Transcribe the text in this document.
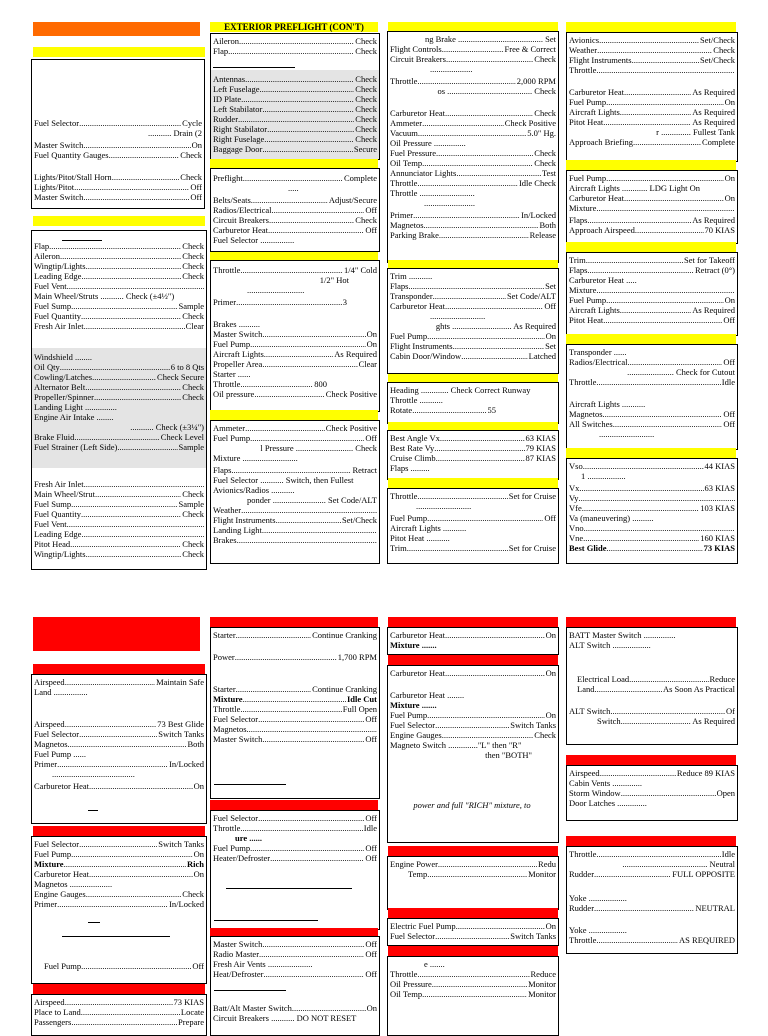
Fuel Selector	Cycle
.....
........... Drain (2
Master Switch	On
.....
Fuel Quantity Gauges	Check
.....
Lights/Pitot/Stall Horn	Check
.....
Lights/Pitot	Off
.....
Master Switch	Off
.....
Flap	Check
.....
Aileron	Check
.....
Wingtip/Lights	Check
.....
Leading Edge	Check
.....
Fuel Vent
.....
Main Wheel/Struts ........... Check (±4½")
Fuel Sump	Sample
.....
Fuel Quantity	Check
.....
Fresh Air Inlet	Clear
.....
Windshield ........
Oil Qty	6 to 8 Qts
.....
Cowling/Latches	Check Secure
.....
Alternator Belt	Check
.....
Propeller/Spinner	Check
.....
Landing Light ...............
Engine Air Intake ........
........... Check (±3¼")
Brake Fluid	Check Level
.....
Fuel Strainer (Left Side)	Sample
.....
Fresh Air Inlet
.....
Main Wheel/Strut	Check
.....
Fuel Sump	Sample
.....
Fuel Quantity	Check
.....
Fuel Vent
.....
Leading Edge
.....
Pitot Head	Check
.....
Wingtip/Lights	Check
.....
EXTERIOR PREFLIGHT (CON'T)
Aileron	Check
.....
Flap	Check
.....
Antennas	Check
.....
Left Fuselage	Check
.....
ID Plate	Check
.....
Left Stabilator	Check
.....
Rudder	Check
.....
Right Stabilator	Check
.....
Right Fuselage	Check
.....
Baggage Door	Secure
.....
Preflight	Complete
.....
.....
Belts/Seats	Adjust/Secure
.....
Radios/Electrical	Off
.....
Circuit Breakers	Check
.....
Carburetor Heat	Off
.....
Fuel Selector ................
Throttle	1/4" Cold
.....
1/2" Hot
...........................
Primer	3
.....
Brakes ..........
Master Switch	On
.....
Fuel Pump	On
.....
Aircraft Lights	As Required
.....
Propeller Area	Clear
.....
Starter ......
Throttle	800
.....
Oil pressure	Check Positive
.....
Ammeter	Check Positive
.....
Fuel Pump	Off
.....
l Pressure ........................... Check
Mixture ..........................
Flaps	Retract
.....
Fuel Selector ........... Switch, then Fullest
Avionics/Radios ...........
ponder ......................... Set Code/ALT
Weather
.....
Flight Instruments	Set/Check
.....
Landing Light
.....
Brakes
.....
ng Brake ........................................ Set
Flight Controls	Free & Correct
.....
Circuit Breakers	Check
.....
....................
Throttle	2,000 RPM
.....
os ........................................ Check
Carburetor Heat	Check
.....
Ammeter	Check Positive
.....
Vacuum	5.0" Hg.
.....
Oil Pressure ...............
Fuel Pressure	Check
.....
Oil Temp	Check
.....
Annunciator Lights	Test
.....
Throttle	Idle Check
.....
Throttle ..........................
........................
Primer	In/Locked
.....
Magnetos	Both
.....
Parking Brake	Release
.....
Trim ...........
Flaps	Set
.....
Transponder	Set Code/ALT
.....
Carburetor Heat	Off
.....
..........................
ghts ............................ As Required
Fuel Pump	On
.....
Flight Instruments	Set
.....
Cabin Door/Window	Latched
.....
Heading ............. Check Correct Runway
Throttle ...........
Rotate	55
.....
Best Angle Vx	63 KIAS
.....
Best Rate Vy	79 KIAS
.....
Cruise Climb	87 KIAS
.....
Flaps .........
Throttle	Set for Cruise
.....
..........................
Fuel Pump	Off
.....
Aircraft Lights ...........
Pitot Heat ...........
Trim	Set for Cruise
.....
Avionics	Set/Check
.....
Weather	Check
.....
Flight Instruments	Set/Check
.....
Throttle
.....
Carburetor Heat	As Required
.....
Fuel Pump	On
.....
Aircraft Lights	As Required
.....
Pitot Heat	As Required
.....
r .............. Fullest Tank
Approach Briefing	Complete
.....
Fuel Pump	On
.....
Aircraft Lights ............ LDG Light On
Carburetor Heat	On
.....
Mixture
.....
Flaps	As Required
.....
Approach Airspeed	70 KIAS
.....
Trim	Set for Takeoff
.....
Flaps	Retract (0°)
.....
Carburetor Heat .....
Mixture
.....
Fuel Pump	On
.....
Aircraft Lights	As Required
.....
Pitot Heat	Off
.....
Transponder ......
Radios/Electrical	Off
.....
...................... Check for Cutout
Throttle	Idle
.....
Aircraft Lights ...........
Magnetos	Off
.....
All Switches	Off
.....
..........................
Vso	44 KIAS
.....
1 ..................
Vx	63 KIAS
.....
Vy
.....
Vfe	103 KIAS
.....
Va (maneuvering) ..........
Vno
.....
Vne	160 KIAS
.....
Best Glide	73 KIAS
.....
Airspeed	Maintain Safe
.....
Land ................
Airspeed	73 Best Glide
.....
Fuel Selector	Switch Tanks
.....
Magnetos	Both
.....
Fuel Pump ......
Primer	In/Locked
.....
.......................................
Carburetor Heat	On
.....
Fuel Selector	Switch Tanks
.....
Fuel Pump	On
.....
Mixture	Rich
.....
Carburetor Heat	On
.....
Magnetos ....................
Engine Gauges	Check
.....
Primer	In/Locked
.....
Fuel Pump	Off
.....
Airspeed	73 KIAS
.....
Place to Land	Locate
.....
Passengers	Prepare
.....
Starter	Continue Cranking
.....
Power	1,700 RPM
.....
Starter	Continue Cranking
.....
Mixture	Idle Cut
.....
Throttle	Full Open
.....
Fuel Selector	Off
.....
Magnetos
.....
Master Switch	Off
.....
Fuel Selector	Off
.....
Throttle	Idle
.....
ure ......
Fuel Pump	Off
.....
Heater/Defroster	Off
.....
Master Switch	Off
.....
Radio Master	Off
.....
Fresh Air Vents .....................
Heat/Defroster	Off
.....
Batt/Alt Master Switch	On
.....
Circuit Breakers ........... DO NOT RESET
Carburetor Heat	On
.....
Mixture .......
Carburetor Heat	On
.....
Carburetor Heat ........
Mixture .......
Fuel Pump	On
.....
Fuel Selector	Switch Tanks
.....
Engine Gauges	Check
.....
Magneto Switch .............."L" then "R"
then "BOTH"
power and full "RICH" mixture, to
Engine Power	Redu
.....
Temp	Monitor
.....
Electric Fuel Pump	On
.....
Fuel Selector	Switch Tanks
.....
e .......
Throttle	Reduce
.....
Oil Pressure	Monitor
.....
Oil Temp	Monitor
.....
BATT Master Switch ...............
ALT Switch ..................
Electrical Load	Reduce
.....
Land	As Soon As Practical
.....
ALT Switch	Of
.....
Switch	As Required
.....
Airspeed	Reduce 89 KIAS
.....
Cabin Vents ..............
Storm Window	Open
.....
Door Latches ..............
Throttle	Idle
.....
........................................ Neutral
Rudder	FULL OPPOSITE
.....
Yoke ..................
Rudder	NEUTRAL
.....
Yoke ..................
Throttle	AS REQUIRED
.....
